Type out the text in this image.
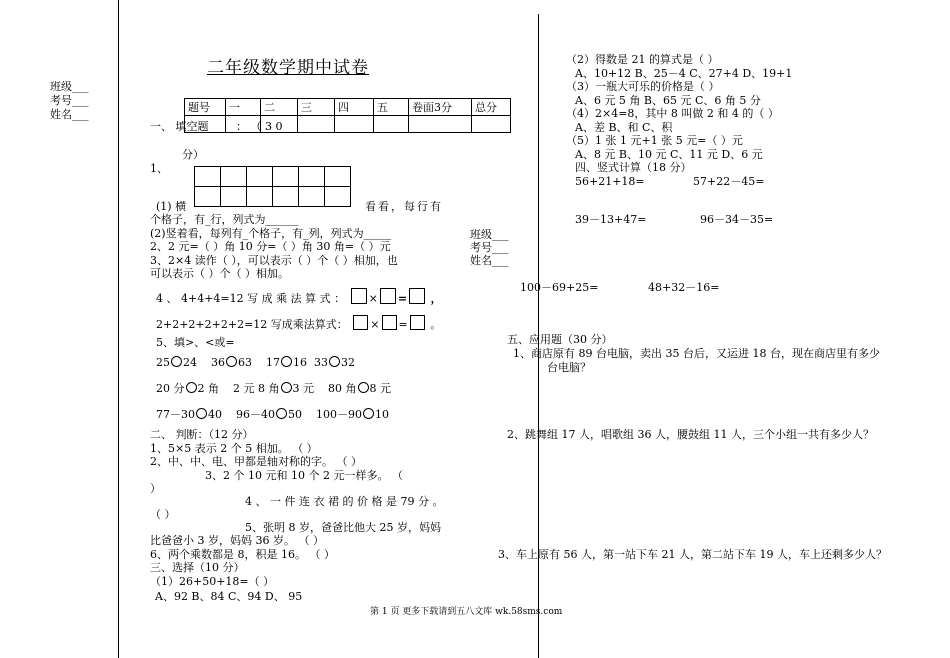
班级___
考号___
姓名___
二年级数学期中试卷
题号	一	二	三	四	五	卷面3分	总分

一、 填空题	： （ 3 0
分）
1、

(1) 横	看看，每行有
个格子，有_行，列式为______
(2)竖着看，每列有_个格子，有_列，列式为_____
2、2 元=（ ）角 10 分=（ ）角 30 角=（ ）元
3、2×4 读作（ ），可以表示（ ）个（ ）相加，也
可以表示（ ）个（ ）相加。
班级___
考号___
姓名___
4 、 4+4+4=12 写 成 乘 法 算 式 ： × = ，
2+2+2+2+2+2=12 写成乘法算式： × = 。
5、填>、<或=
25 24 36 63 17 16 33 32
20 分 2 角 2 元 8 角 3 元 80 角 8 元
77－30 40 96－40 50 100－90 10
二、 判断：（12 分）
1、5×5 表示 2 个 5 相加。 （ ）
2、中、中、电、甲都是轴对称的字。 （ ）
3、2 个 10 元和 10 个 2 元一样多。 （
）
4 、 一 件 连 衣 裙 的 价 格 是 79 分 。
（ ）
5、张明 8 岁，爸爸比他大 25 岁，妈妈
比爸爸小 3 岁，妈妈 36 岁。 （ ）
6、两个乘数都是 8，积是 16。 （ ）
三、选择（10 分）
（1）26+50+18=（ ）
A、92 B、84 C、94 D、 95
（2）得数是 21 的算式是（ ）
A、10+12 B、25－4 C、27+4 D、19+1
（3）一瓶大可乐的价格是（ ）
A、6 元 5 角 B、65 元 C、6 角 5 分
（4）2×4=8，其中 8 叫做 2 和 4 的（ ）
A、差 B、和 C、积
（5）1 张 1 元+1 张 5 元=（ ）元
A、8 元 B、10 元 C、11 元 D、6 元
四、竖式计算（18 分）
56+21+18=	57+22－45=
39－13+47=	96－34－35=
100－69+25=	48+32－16=
五、应用题（30 分）
1、商店原有 89 台电脑，卖出 35 台后，又运进 18 台，现在商店里有多少
台电脑？
2、跳舞组 17 人，唱歌组 36 人，腰鼓组 11 人，三个小组一共有多少人？
3、车上原有 56 人，第一站下车 21 人，第二站下车 19 人，车上还剩多少人？
第 1 页 更多下载请到五八文库 wk.58sms.com
